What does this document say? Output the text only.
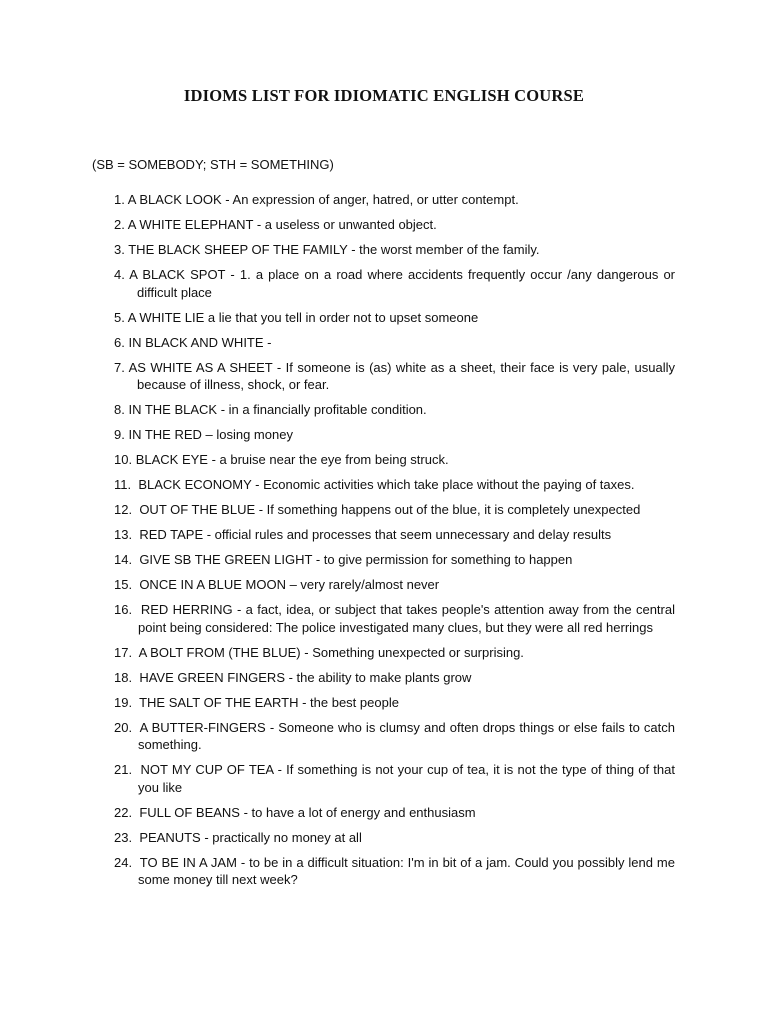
IDIOMS LIST FOR IDIOMATIC ENGLISH COURSE
(SB = SOMEBODY; STH = SOMETHING)
1. A BLACK LOOK - An expression of anger, hatred, or utter contempt.
2. A WHITE ELEPHANT - a useless or unwanted object.
3. THE BLACK SHEEP OF THE FAMILY - the worst member of the family.
4. A BLACK SPOT - 1. a place on a road where accidents frequently occur /any dangerous or difficult place
5. A WHITE LIE a lie that you tell in order not to upset someone
6. IN BLACK AND WHITE -
7. AS WHITE AS A SHEET - If someone is (as) white as a sheet, their face is very pale, usually because of illness, shock, or fear.
8. IN THE BLACK - in a financially profitable condition.
9. IN THE RED – losing money
10. BLACK EYE - a bruise near the eye from being struck.
11. BLACK ECONOMY - Economic activities which take place without the paying of taxes.
12. OUT OF THE BLUE - If something happens out of the blue, it is completely unexpected
13. RED TAPE - official rules and processes that seem unnecessary and delay results
14. GIVE SB THE GREEN LIGHT - to give permission for something to happen
15. ONCE IN A BLUE MOON – very rarely/almost never
16. RED HERRING - a fact, idea, or subject that takes people's attention away from the central point being considered: The police investigated many clues, but they were all red herrings
17. A BOLT FROM (THE BLUE) - Something unexpected or surprising.
18. HAVE GREEN FINGERS - the ability to make plants grow
19. THE SALT OF THE EARTH - the best people
20. A BUTTER-FINGERS - Someone who is clumsy and often drops things or else fails to catch something.
21. NOT MY CUP OF TEA - If something is not your cup of tea, it is not the type of thing of that you like
22. FULL OF BEANS - to have a lot of energy and enthusiasm
23. PEANUTS - practically no money at all
24. TO BE IN A JAM - to be in a difficult situation: I'm in bit of a jam. Could you possibly lend me some money till next week?
